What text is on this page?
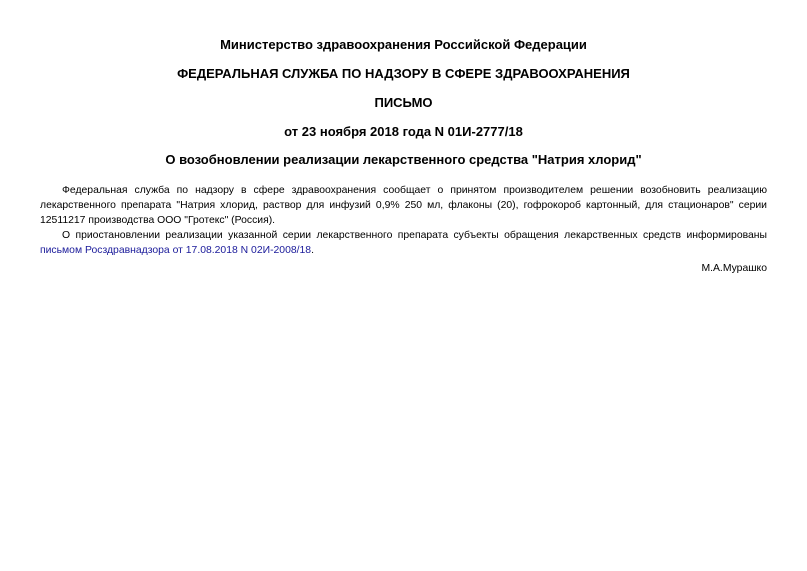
Министерство здравоохранения Российской Федерации
ФЕДЕРАЛЬНАЯ СЛУЖБА ПО НАДЗОРУ В СФЕРЕ ЗДРАВООХРАНЕНИЯ
ПИСЬМО
от 23 ноября 2018 года N 01И-2777/18
О возобновлении реализации лекарственного средства "Натрия хлорид"

Федеральная служба по надзору в сфере здравоохранения сообщает о принятом производителем решении возобновить реализацию лекарственного препарата "Натрия хлорид, раствор для инфузий 0,9% 250 мл, флаконы (20), гофрокороб картонный, для стационаров" серии 12511217 производства ООО "Гротекс" (Россия).

О приостановлении реализации указанной серии лекарственного препарата субъекты обращения лекарственных средств информированы письмом Росздравнадзора от 17.08.2018 N 02И-2008/18.

М.А.Мурашко
